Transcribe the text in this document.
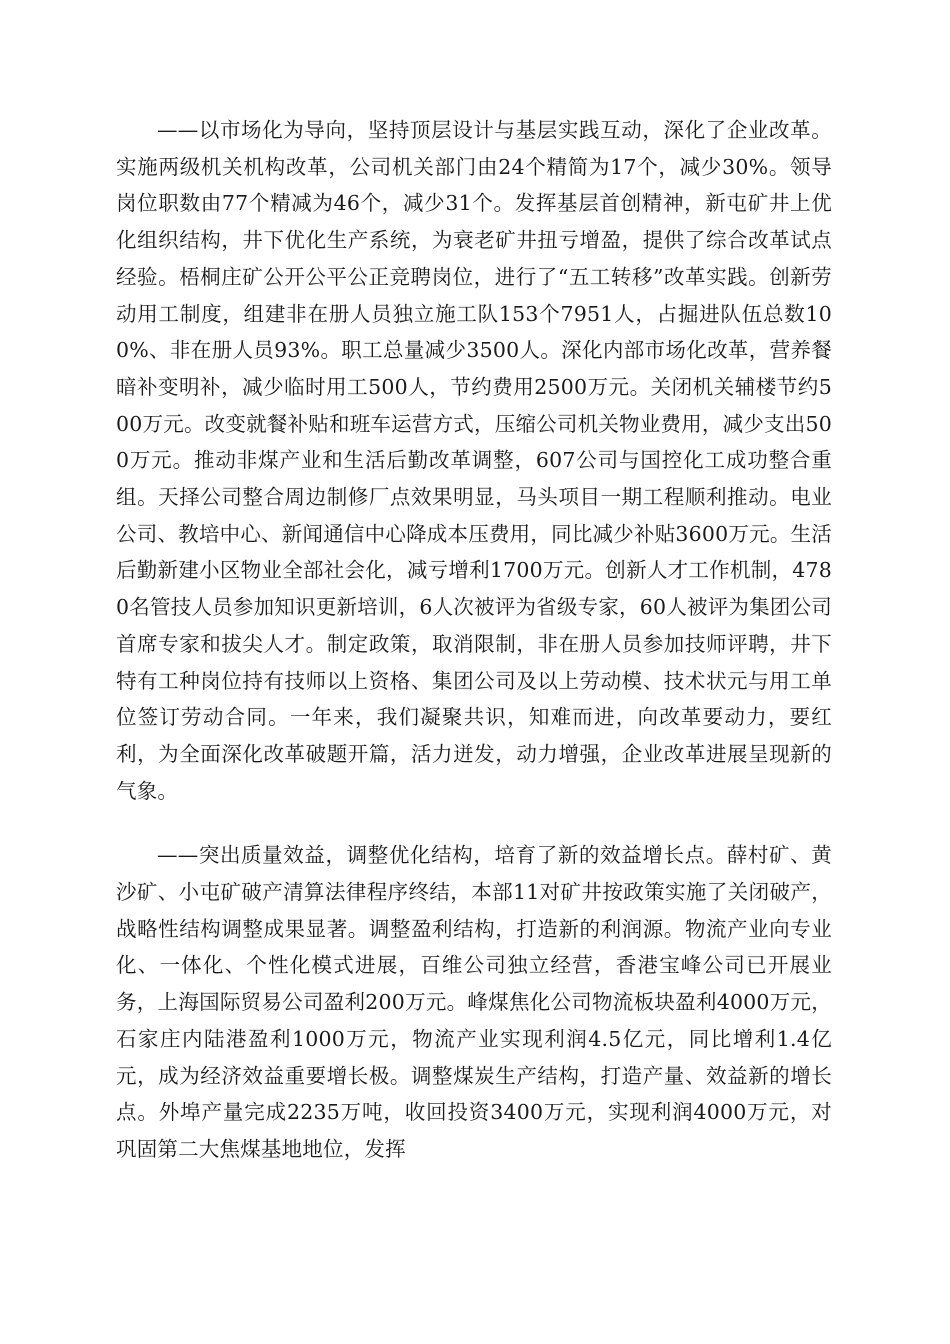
——以市场化为导向，坚持顶层设计与基层实践互动，深化了企业改革。实施两级机关机构改革，公司机关部门由24个精简为17个，减少30%。领导岗位职数由77个精减为46个，减少31个。发挥基层首创精神，新屯矿井上优化组织结构，井下优化生产系统，为衰老矿井扭亏增盈，提供了综合改革试点经验。梧桐庄矿公开公平公正竞聘岗位，进行了“五工转移”改革实践。创新劳动用工制度，组建非在册人员独立施工队153个7951人，占掘进队伍总数100%、非在册人员93%。职工总量减少3500人。深化内部市场化改革，营养餐暗补变明补，减少临时用工500人，节约费用2500万元。关闭机关辅楼节约500万元。改变就餐补贴和班车运营方式，压缩公司机关物业费用，减少支出500万元。推动非煤产业和生活后勤改革调整，607公司与国控化工成功整合重组。天择公司整合周边制修厂点效果明显，马头项目一期工程顺利推动。电业公司、教培中心、新闻通信中心降成本压费用，同比减少补贴3600万元。生活后勤新建小区物业全部社会化，减亏增利1700万元。创新人才工作机制，4780名管技人员参加知识更新培训，6人次被评为省级专家，60人被评为集团公司首席专家和拔尖人才。制定政策，取消限制，非在册人员参加技师评聘，井下特有工种岗位持有技师以上资格、集团公司及以上劳动模、技术状元与用工单位签订劳动合同。一年来，我们凝聚共识，知难而进，向改革要动力，要红利，为全面深化改革破题开篇，活力迸发，动力增强，企业改革进展呈现新的气象。

——突出质量效益，调整优化结构，培育了新的效益增长点。薛村矿、黄沙矿、小屯矿破产清算法律程序终结，本部11对矿井按政策实施了关闭破产，战略性结构调整成果显著。调整盈利结构，打造新的利润源。物流产业向专业化、一体化、个性化模式进展，百维公司独立经营，香港宝峰公司已开展业务，上海国际贸易公司盈利200万元。峰煤焦化公司物流板块盈利4000万元，石家庄内陆港盈利1000万元，物流产业实现利润4.5亿元，同比增利1.4亿元，成为经济效益重要增长极。调整煤炭生产结构，打造产量、效益新的增长点。外埠产量完成2235万吨，收回投资3400万元，实现利润4000万元，对巩固第二大焦煤基地地位，发挥
